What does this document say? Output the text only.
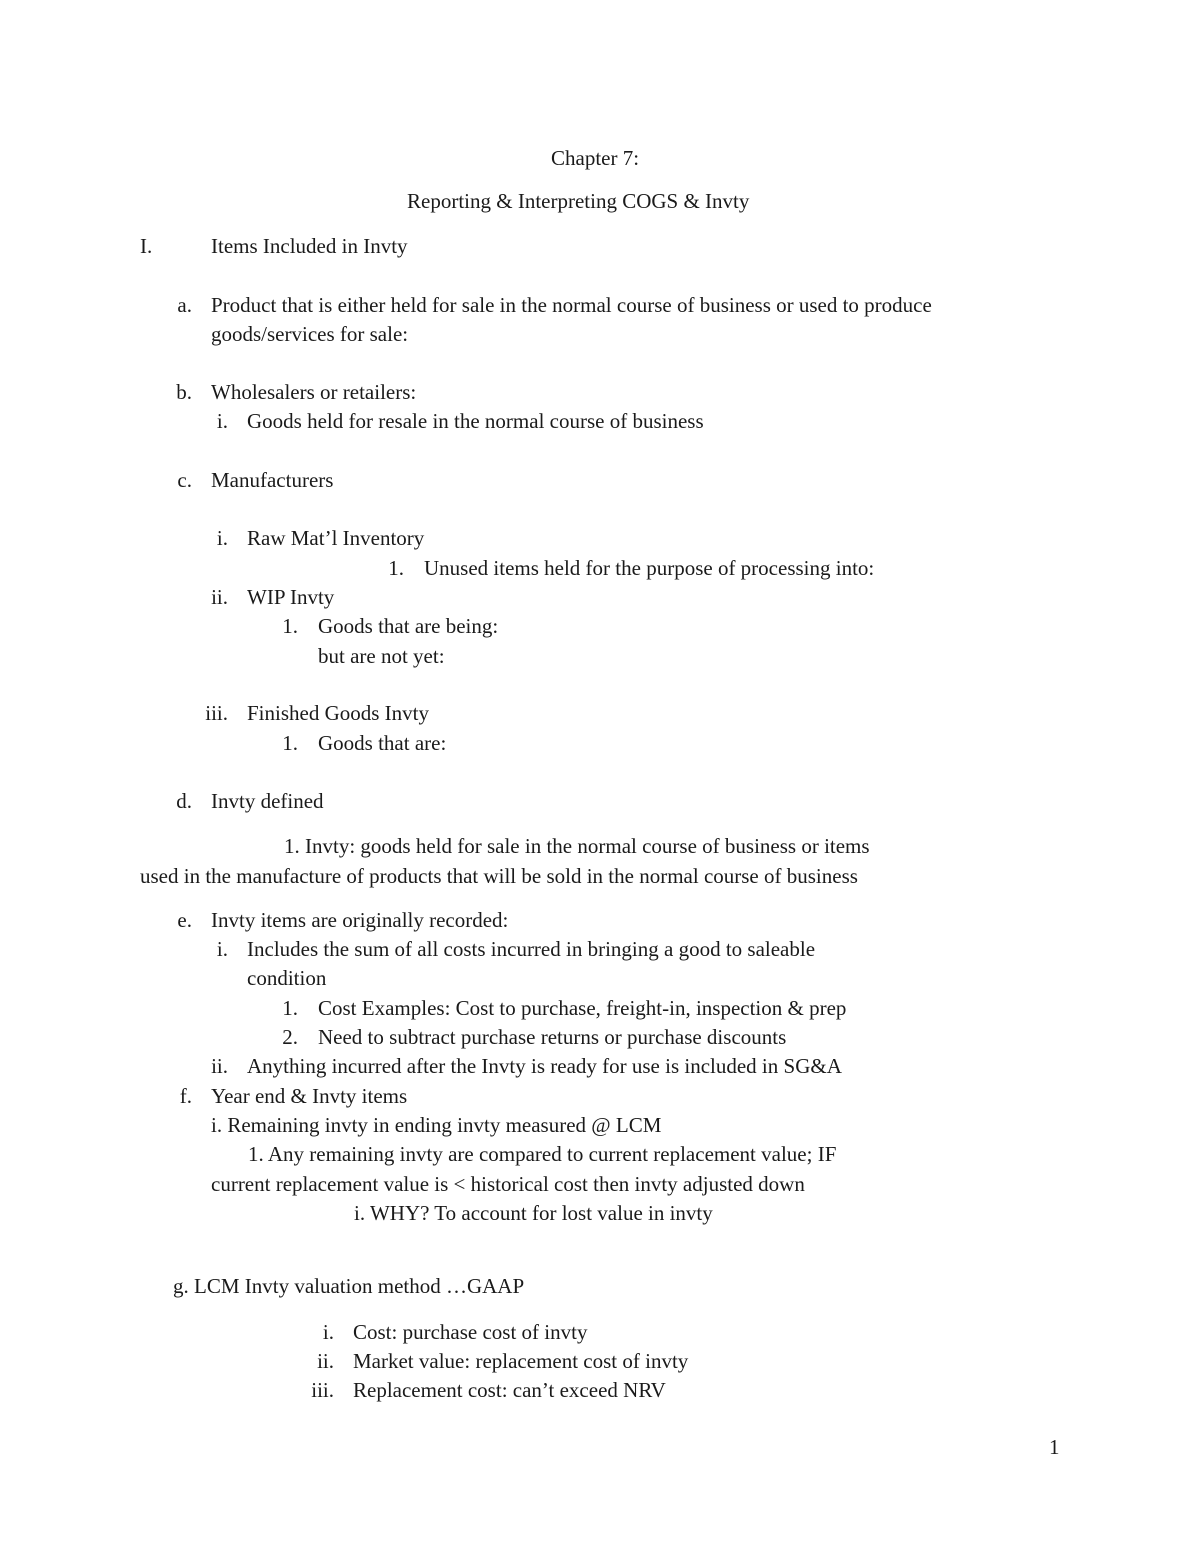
Chapter 7:
Reporting & Interpreting COGS & Invty
I.	Items Included in Invty
a. Product that is either held for sale in the normal course of business or used to produce
goods/services for sale:
b. Wholesalers or retailers:
i. Goods held for resale in the normal course of business
c. Manufacturers
i. Raw Mat’l Inventory
1. Unused items held for the purpose of processing into:
ii. WIP Invty
1. Goods that are being:
but are not yet:
iii. Finished Goods Invty
1. Goods that are:
d. Invty defined
1. Invty: goods held for sale in the normal course of business or items
used in the manufacture of products that will be sold in the normal course of business
e. Invty items are originally recorded:
i. Includes the sum of all costs incurred in bringing a good to saleable
condition
1. Cost Examples: Cost to purchase, freight-in, inspection & prep
2. Need to subtract purchase returns or purchase discounts
ii. Anything incurred after the Invty is ready for use is included in SG&A
f. Year end & Invty items
i. Remaining invty in ending invty measured @ LCM
1. Any remaining invty are compared to current replacement value; IF
current replacement value is < historical cost then invty adjusted down
i. WHY? To account for lost value in invty
g. LCM Invty valuation method …GAAP
i. Cost: purchase cost of invty
ii. Market value: replacement cost of invty
iii. Replacement cost: can’t exceed NRV
1
